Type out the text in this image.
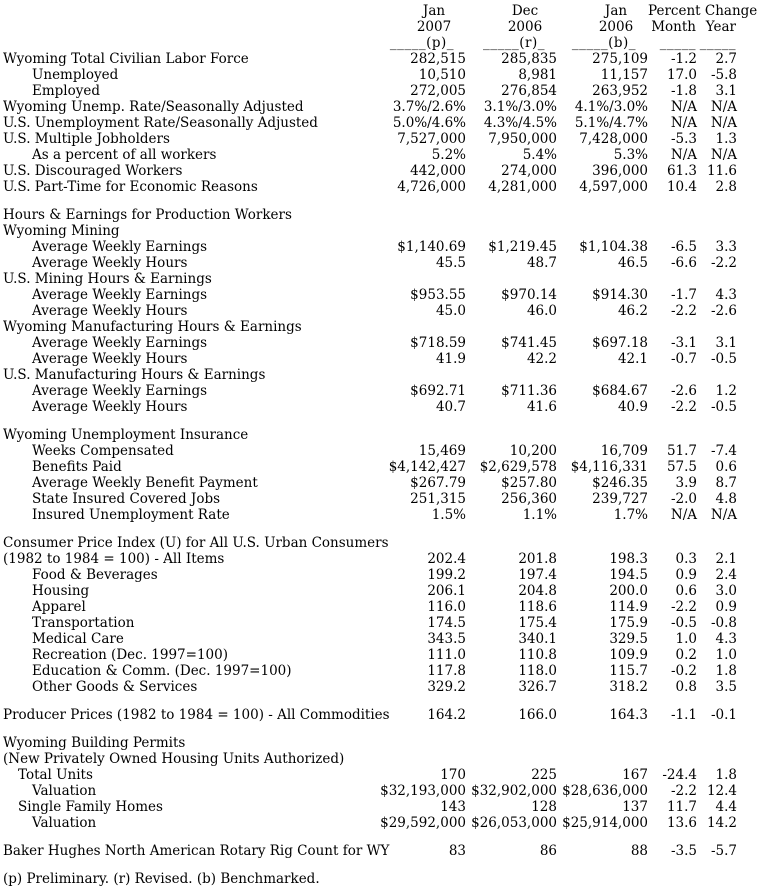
Jan	Dec	Jan	Percent Change
2007	2006	2006	Month Year
_____(p)_	_____(r)_	_____(b)_	_____ _____
Wyoming Total Civilian Labor Force	282,515	285,835	275,109	-1.2	2.7
Unemployed	10,510	8,981	11,157	17.0	-5.8
Employed	272,005	276,854	263,952	-1.8	3.1
Wyoming Unemp. Rate/Seasonally Adjusted	3.7%/2.6%	3.1%/3.0%	4.1%/3.0%	N/A	N/A
U.S. Unemployment Rate/Seasonally Adjusted	5.0%/4.6%	4.3%/4.5%	5.1%/4.7%	N/A	N/A
U.S. Multiple Jobholders	7,527,000	7,950,000	7,428,000	-5.3	1.3
As a percent of all workers	5.2%	5.4%	5.3%	N/A	N/A
U.S. Discouraged Workers	442,000	274,000	396,000	61.3 11.6
U.S. Part-Time for Economic Reasons	4,726,000	4,281,000	4,597,000	10.4	2.8
Hours & Earnings for Production Workers
Wyoming Mining
Average Weekly Earnings	$1,140.69	$1,219.45	$1,104.38	-6.5	3.3
Average Weekly Hours	45.5	48.7	46.5	-6.6	-2.2
U.S. Mining Hours & Earnings
Average Weekly Earnings	$953.55	$970.14	$914.30	-1.7	4.3
Average Weekly Hours	45.0	46.0	46.2	-2.2	-2.6
Wyoming Manufacturing Hours & Earnings
Average Weekly Earnings	$718.59	$741.45	$697.18	-3.1	3.1
Average Weekly Hours	41.9	42.2	42.1	-0.7	-0.5
U.S. Manufacturing Hours & Earnings
Average Weekly Earnings	$692.71	$711.36	$684.67	-2.6	1.2
Average Weekly Hours	40.7	41.6	40.9	-2.2	-0.5
Wyoming Unemployment Insurance
Weeks Compensated	15,469	10,200	16,709	51.7	-7.4
Benefits Paid	$4,142,427	$2,629,578	$4,116,331	57.5	0.6
Average Weekly Benefit Payment	$267.79	$257.80	$246.35	3.9	8.7
State Insured Covered Jobs	251,315	256,360	239,727	-2.0	4.8
Insured Unemployment Rate	1.5%	1.1%	1.7%	N/A	N/A
Consumer Price Index (U) for All U.S. Urban Consumers
(1982 to 1984 = 100) - All Items	202.4	201.8	198.3	0.3	2.1
Food & Beverages	199.2	197.4	194.5	0.9	2.4
Housing	206.1	204.8	200.0	0.6	3.0
Apparel	116.0	118.6	114.9	-2.2	0.9
Transportation	174.5	175.4	175.9	-0.5	-0.8
Medical Care	343.5	340.1	329.5	1.0	4.3
Recreation (Dec. 1997=100)	111.0	110.8	109.9	0.2	1.0
Education & Comm. (Dec. 1997=100)	117.8	118.0	115.7	-0.2	1.8
Other Goods & Services	329.2	326.7	318.2	0.8	3.5
Producer Prices (1982 to 1984 = 100) - All Commodities	164.2	166.0	164.3	-1.1	-0.1
Wyoming Building Permits
(New Privately Owned Housing Units Authorized)
Total Units	170	225	167	-24.4	1.8
Valuation	$32,193,000 $32,902,000 $28,636,000	-2.2 12.4
Single Family Homes	143	128	137	11.7	4.4
Valuation	$29,592,000 $26,053,000 $25,914,000	13.6 14.2
Baker Hughes North American Rotary Rig Count for WY	83	86	88	-3.5	-5.7
(p) Preliminary. (r) Revised. (b) Benchmarked.
